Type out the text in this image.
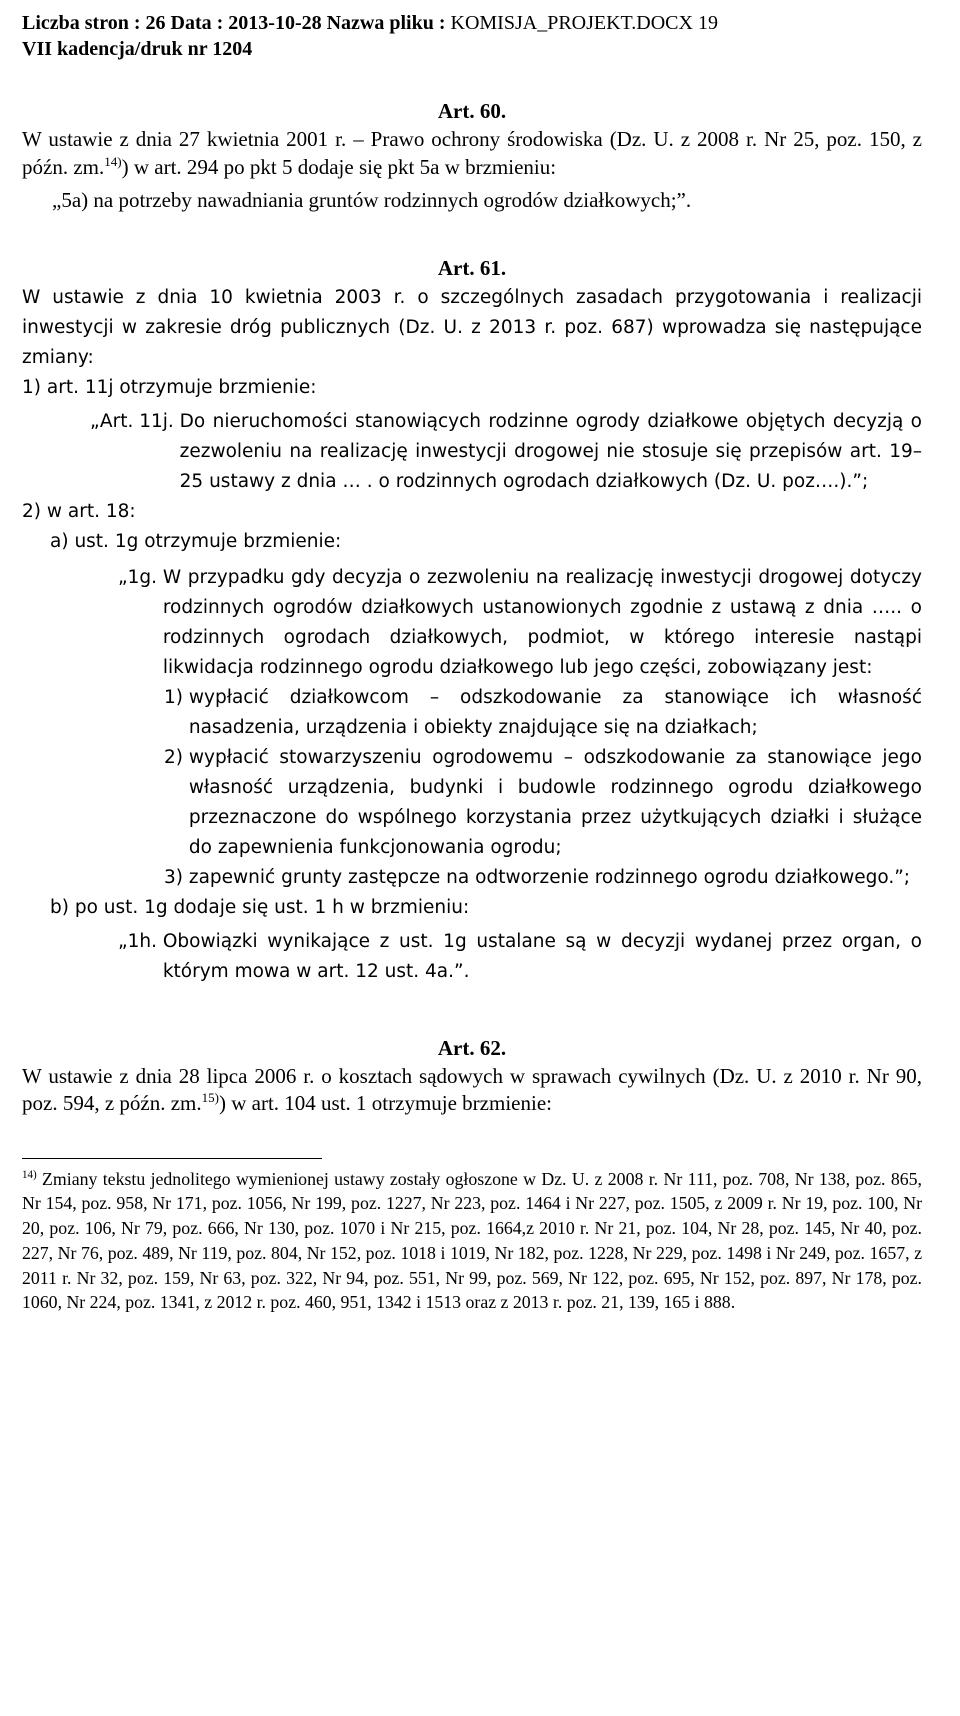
Liczba stron : 26 Data : 2013-10-28 Nazwa pliku : KOMISJA_PROJEKT.DOCX 19
VII kadencja/druk nr 1204
Art. 60.
W ustawie z dnia 27 kwietnia 2001 r. – Prawo ochrony środowiska (Dz. U. z 2008 r. Nr 25, poz. 150, z późn. zm.$^{14)}$) w art. 294 po pkt 5 dodaje się pkt 5a w brzmieniu:
„5a) na potrzeby nawadniania gruntów rodzinnych ogrodów działkowych;”.
Art. 61.
W ustawie z dnia 10 kwietnia 2003 r. o szczególnych zasadach przygotowania i realizacji inwestycji w zakresie dróg publicznych (Dz. U. z 2013 r. poz. 687) wprowadza się następujące zmiany:
1) art. 11j otrzymuje brzmienie:
„Art. 11j. Do nieruchomości stanowiących rodzinne ogrody działkowe objętych decyzją o zezwoleniu na realizację inwestycji drogowej nie stosuje się przepisów art. 19–25 ustawy z dnia … . o rodzinnych ogrodach działkowych (Dz. U. poz….).”;
2) w art. 18:
a) ust. 1g otrzymuje brzmienie:
„1g. W przypadku gdy decyzja o zezwoleniu na realizację inwestycji drogowej dotyczy rodzinnych ogrodów działkowych ustanowionych zgodnie z ustawą z dnia ….. o rodzinnych ogrodach działkowych, podmiot, w którego interesie nastąpi likwidacja rodzinnego ogrodu działkowego lub jego części, zobowiązany jest:
1) wypłacić działkowcom – odszkodowanie za stanowiące ich własność nasadzenia, urządzenia i obiekty znajdujące się na działkach;
2) wypłacić stowarzyszeniu ogrodowemu – odszkodowanie za stanowiące jego własność urządzenia, budynki i budowle rodzinnego ogrodu działkowego przeznaczone do wspólnego korzystania przez użytkujących działki i służące do zapewnienia funkcjonowania ogrodu;
3) zapewnić grunty zastępcze na odtworzenie rodzinnego ogrodu działkowego.”;
b) po ust. 1g dodaje się ust. 1 h w brzmieniu:
„1h. Obowiązki wynikające z ust. 1g ustalane są w decyzji wydanej przez organ, o którym mowa w art. 12 ust. 4a.”.
Art. 62.
W ustawie z dnia 28 lipca 2006 r. o kosztach sądowych w sprawach cywilnych (Dz. U. z 2010 r. Nr 90, poz. 594, z późn. zm.$^{15)}$) w art. 104 ust. 1 otrzymuje brzmienie:
$^{14)}$ Zmiany tekstu jednolitego wymienionej ustawy zostały ogłoszone w Dz. U. z 2008 r. Nr 111, poz. 708, Nr 138, poz. 865, Nr 154, poz. 958, Nr 171, poz. 1056, Nr 199, poz. 1227, Nr 223, poz. 1464 i Nr 227, poz. 1505, z 2009 r. Nr 19, poz. 100, Nr 20, poz. 106, Nr 79, poz. 666, Nr 130, poz. 1070 i Nr 215, poz. 1664,z 2010 r. Nr 21, poz. 104, Nr 28, poz. 145, Nr 40, poz. 227, Nr 76, poz. 489, Nr 119, poz. 804, Nr 152, poz. 1018 i 1019, Nr 182, poz. 1228, Nr 229, poz. 1498 i Nr 249, poz. 1657, z 2011 r. Nr 32, poz. 159, Nr 63, poz. 322, Nr 94, poz. 551, Nr 99, poz. 569, Nr 122, poz. 695, Nr 152, poz. 897, Nr 178, poz. 1060, Nr 224, poz. 1341, z 2012 r. poz. 460, 951, 1342 i 1513 oraz z 2013 r. poz. 21, 139, 165 i 888.
